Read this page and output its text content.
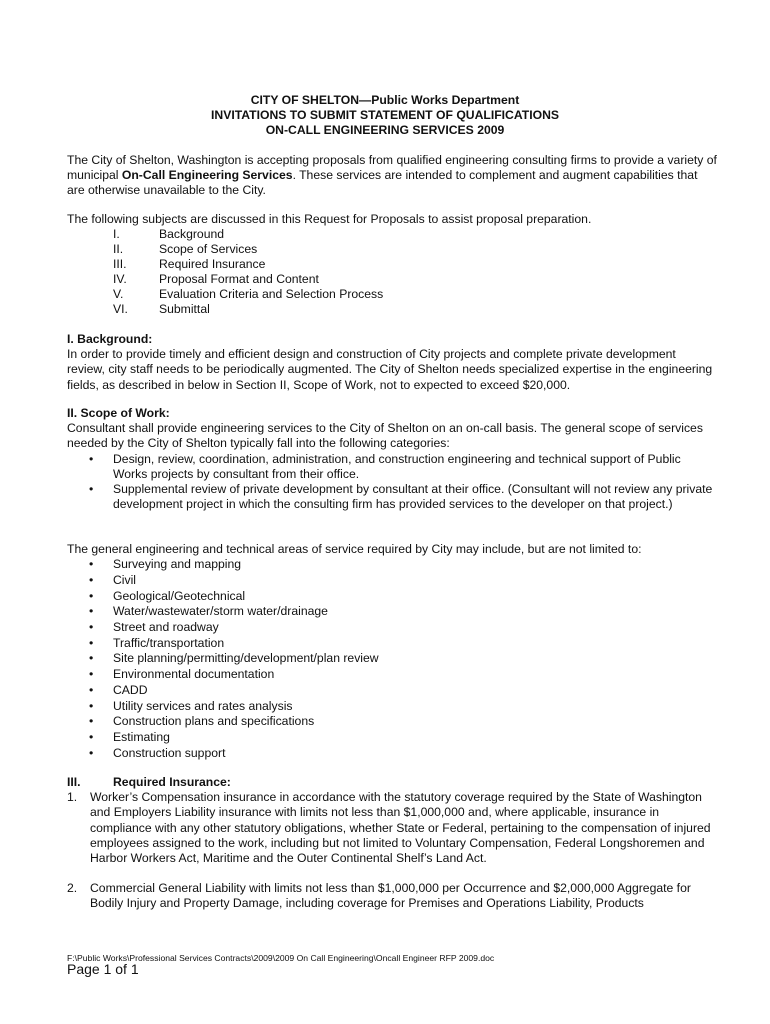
CITY OF SHELTON—Public Works Department
INVITATIONS TO SUBMIT STATEMENT OF QUALIFICATIONS
ON-CALL ENGINEERING SERVICES 2009

The City of Shelton, Washington is accepting proposals from qualified engineering consulting firms to provide a variety of municipal On-Call Engineering Services. These services are intended to complement and augment capabilities that are otherwise unavailable to the City.

The following subjects are discussed in this Request for Proposals to assist proposal preparation.

I.	Background
II.	Scope of Services
III.	Required Insurance
IV.	Proposal Format and Content
V.	Evaluation Criteria and Selection Process
VI.	Submittal

I. Background:

In order to provide timely and efficient design and construction of City projects and complete private development review, city staff needs to be periodically augmented. The City of Shelton needs specialized expertise in the engineering fields, as described in below in Section II, Scope of Work, not to expected to exceed $20,000.

II. Scope of Work:

Consultant shall provide engineering services to the City of Shelton on an on-call basis. The general scope of services needed by the City of Shelton typically fall into the following categories:

• Design, review, coordination, administration, and construction engineering and technical support of Public Works projects by consultant from their office.
• Supplemental review of private development by consultant at their office. (Consultant will not review any private development project in which the consulting firm has provided services to the developer on that project.)

The general engineering and technical areas of service required by City may include, but are not limited to:

• Surveying and mapping
• Civil
• Geological/Geotechnical
• Water/wastewater/storm water/drainage
• Street and roadway
• Traffic/transportation
• Site planning/permitting/development/plan review
• Environmental documentation
• CADD
• Utility services and rates analysis
• Construction plans and specifications
• Estimating
• Construction support
III.	Required Insurance:
1. Worker’s Compensation insurance in accordance with the statutory coverage required by the State of Washington and Employers Liability insurance with limits not less than $1,000,000 and, where applicable, insurance in compliance with any other statutory obligations, whether State or Federal, pertaining to the compensation of injured employees assigned to the work, including but not limited to Voluntary Compensation, Federal Longshoremen and Harbor Workers Act, Maritime and the Outer Continental Shelf’s Land Act.
2. Commercial General Liability with limits not less than $1,000,000 per Occurrence and $2,000,000 Aggregate for Bodily Injury and Property Damage, including coverage for Premises and Operations Liability, Products
F:\Public Works\Professional Services Contracts\2009\2009 On Call Engineering\Oncall Engineer RFP 2009.doc
Page 1 of 1
